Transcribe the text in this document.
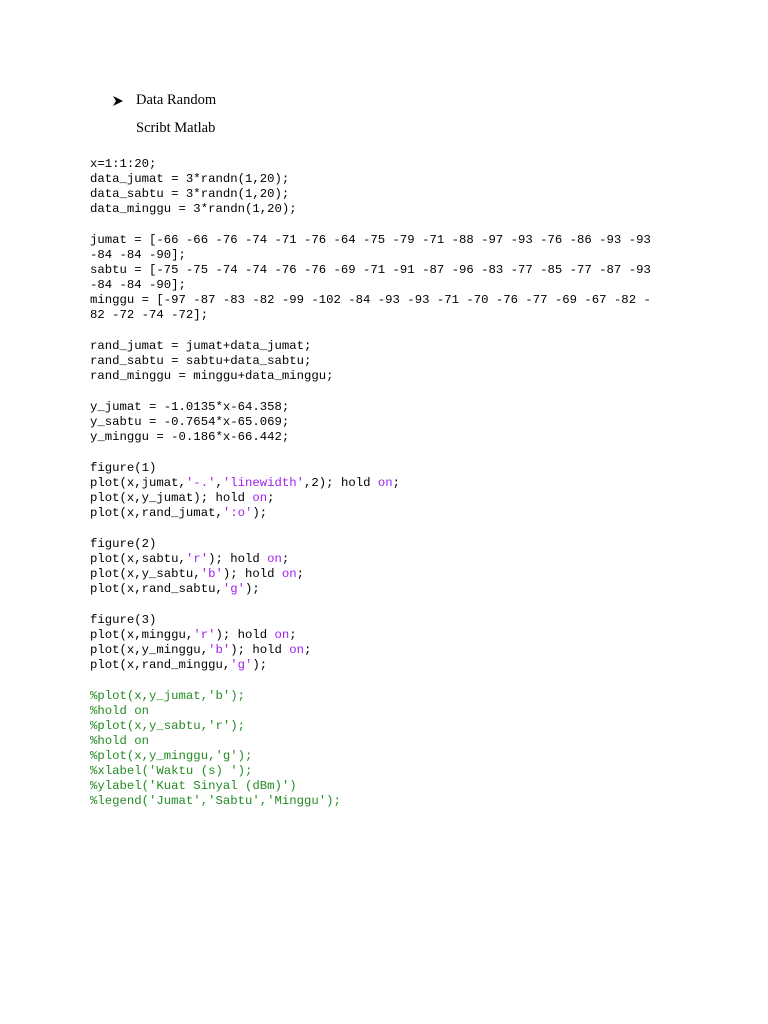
Data Random
Scribt Matlab
x=1:1:20;
data_jumat = 3*randn(1,20);
data_sabtu = 3*randn(1,20);
data_minggu = 3*randn(1,20);
jumat = [-66 -66 -76 -74 -71 -76 -64 -75 -79 -71 -88 -97 -93 -76 -86 -93 -93
-84 -84 -90];
sabtu = [-75 -75 -74 -74 -76 -76 -69 -71 -91 -87 -96 -83 -77 -85 -77 -87 -93
-84 -84 -90];
minggu = [-97 -87 -83 -82 -99 -102 -84 -93 -93 -71 -70 -76 -77 -69 -67 -82 -
82 -72 -74 -72];
rand_jumat = jumat+data_jumat;
rand_sabtu = sabtu+data_sabtu;
rand_minggu = minggu+data_minggu;
y_jumat = -1.0135*x-64.358;
y_sabtu = -0.7654*x-65.069;
y_minggu = -0.186*x-66.442;
figure(1)
plot(x,jumat,'-.','linewidth',2); hold on;
plot(x,y_jumat); hold on;
plot(x,rand_jumat,':o');
figure(2)
plot(x,sabtu,'r'); hold on;
plot(x,y_sabtu,'b'); hold on;
plot(x,rand_sabtu,'g');
figure(3)
plot(x,minggu,'r'); hold on;
plot(x,y_minggu,'b'); hold on;
plot(x,rand_minggu,'g');
%plot(x,y_jumat,'b');
%hold on
%plot(x,y_sabtu,'r');
%hold on
%plot(x,y_minggu,'g');
%xlabel('Waktu (s) ');
%ylabel('Kuat Sinyal (dBm)')
%legend('Jumat','Sabtu','Minggu');
